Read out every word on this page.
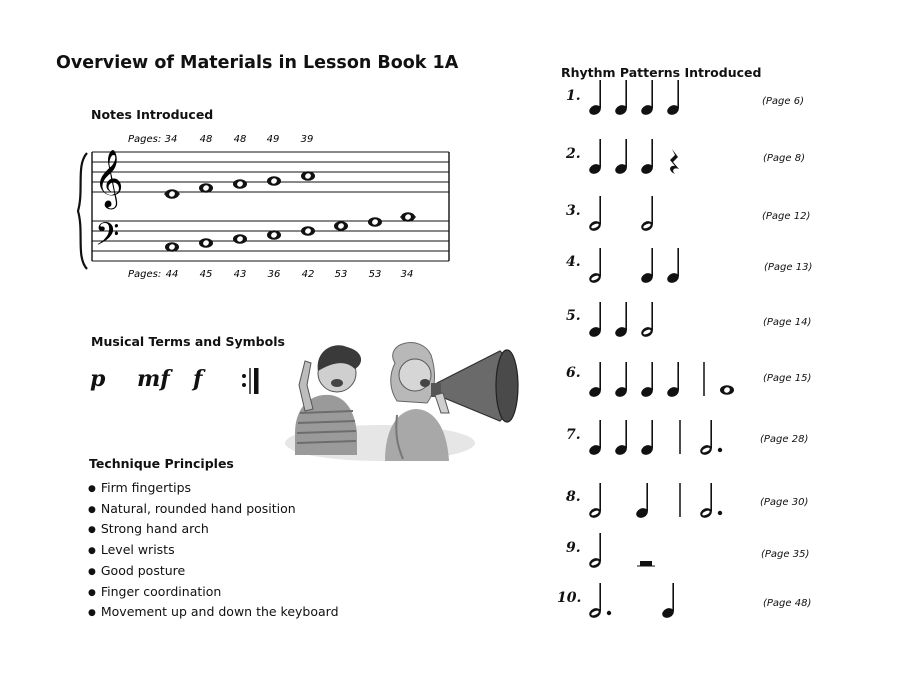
Overview of Materials in Lesson Book 1A
Notes Introduced
Pages: 34 48 48 49 39
𝄞
𝄢
Pages: 44 45 43 36 42 53 53 34
Musical Terms and Symbols
p mf f
Technique Principles
● Firm fingertips
● Natural, rounded hand position
● Strong hand arch
● Level wrists
● Good posture
● Finger coordination
● Movement up and down the keyboard
Rhythm Patterns Introduced
1.
2.
3.
4.
5.
6.
7.
8.
9.
10.
(Page 6)
(Page 8)
(Page 12)
(Page 13)
(Page 14)
(Page 15)
(Page 28)
(Page 30)
(Page 35)
(Page 48)
